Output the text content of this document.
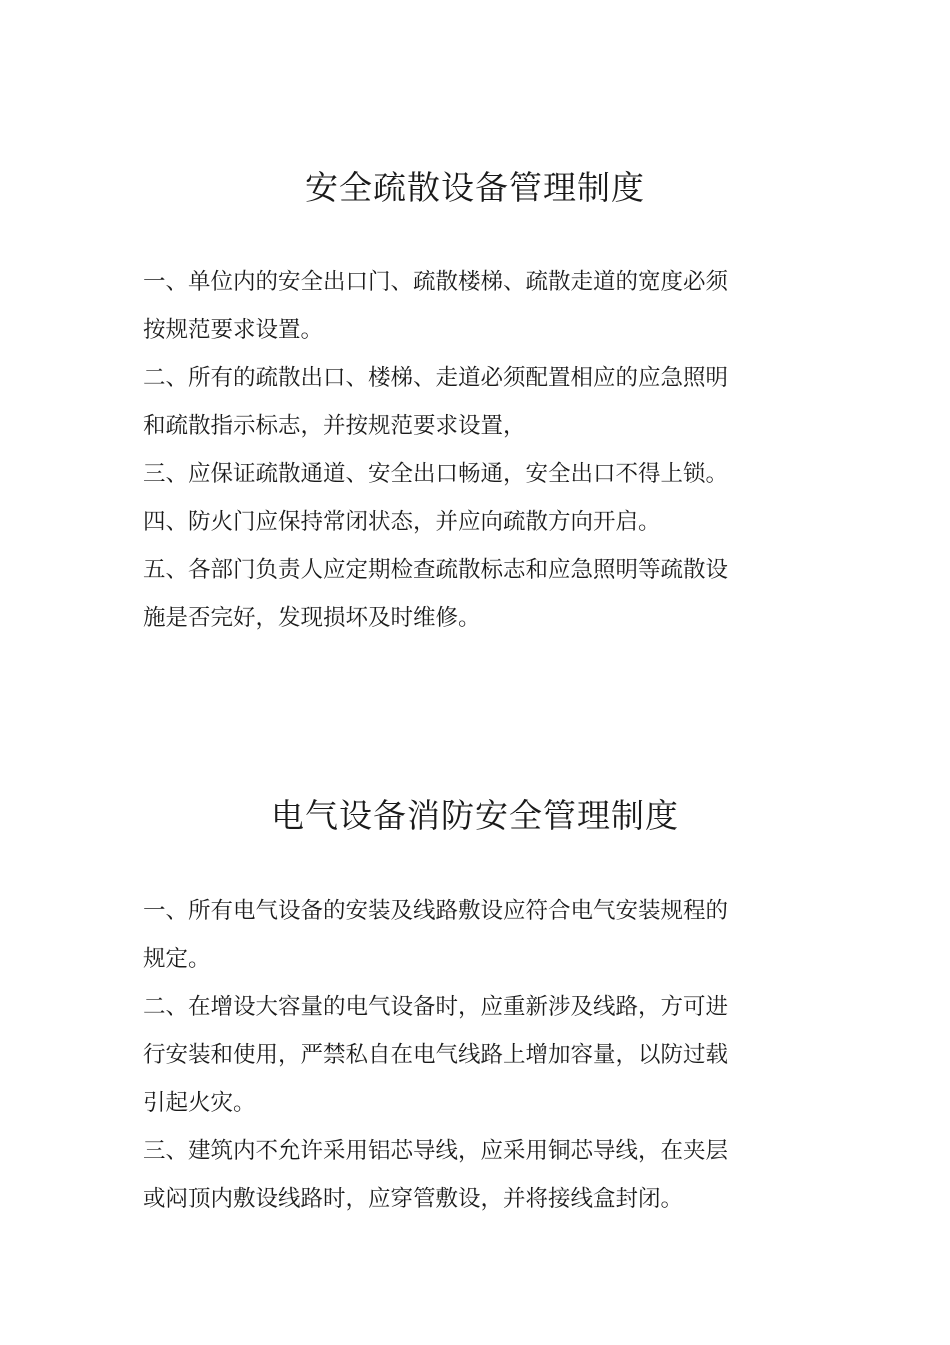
安全疏散设备管理制度

一、单位内的安全出口门、疏散楼梯、疏散走道的宽度必须

按规范要求设置。

二、所有的疏散出口、楼梯、走道必须配置相应的应急照明

和疏散指示标志，并按规范要求设置，

三、应保证疏散通道、安全出口畅通，安全出口不得上锁。

四、防火门应保持常闭状态，并应向疏散方向开启。

五、各部门负责人应定期检查疏散标志和应急照明等疏散设

施是否完好，发现损坏及时维修。

电气设备消防安全管理制度

一、所有电气设备的安装及线路敷设应符合电气安装规程的

规定。

二、在增设大容量的电气设备时，应重新涉及线路，方可进

行安装和使用，严禁私自在电气线路上增加容量，以防过载

引起火灾。

三、建筑内不允许采用铝芯导线，应采用铜芯导线，在夹层

或闷顶内敷设线路时，应穿管敷设，并将接线盒封闭。
